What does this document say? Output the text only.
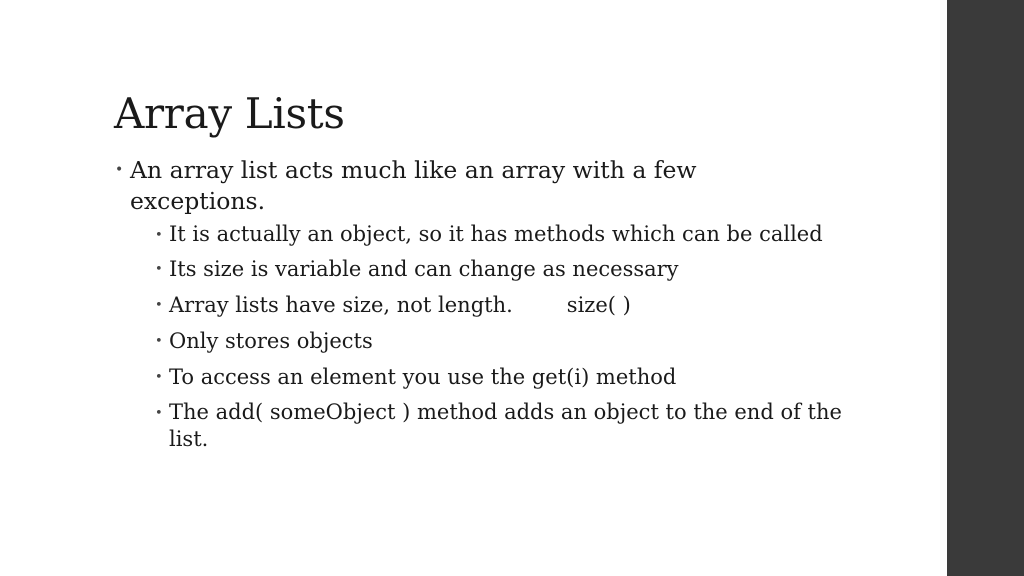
Array Lists
• An array list acts much like an array with a few exceptions.
• It is actually an object, so it has methods which can be called
• Its size is variable and can change as necessary
• Array lists have size, not length.	size( )
• Only stores objects
• To access an element you use the get(i) method
• The add( someObject ) method adds an object to the end of the list.
